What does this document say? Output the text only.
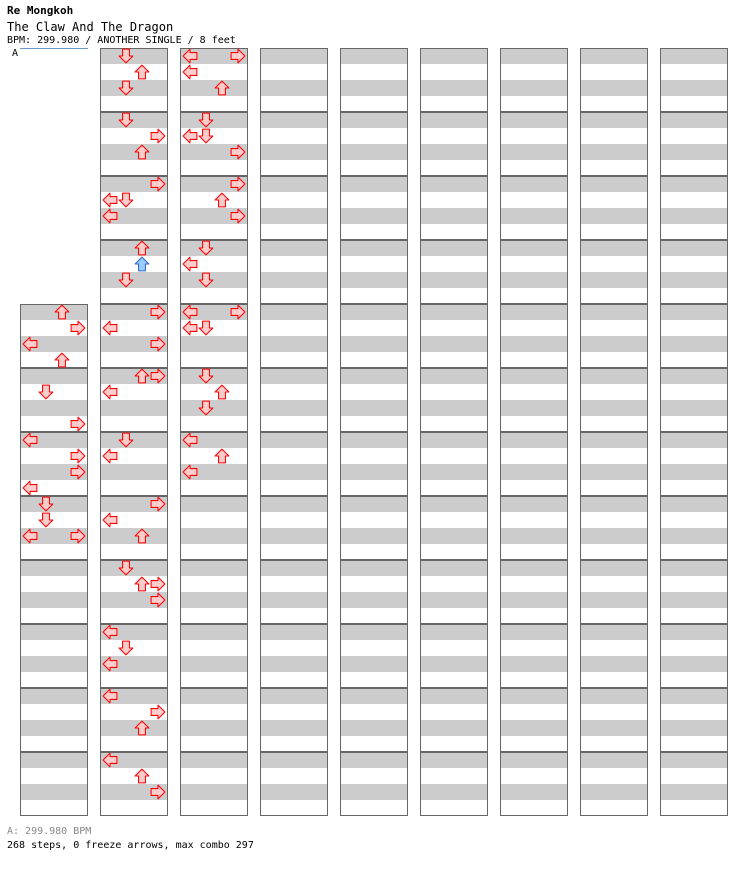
Re Mongkoh
The Claw And The Dragon
BPM: 299.980 / ANOTHER SINGLE / 8 feet
A
A: 299.980 BPM
268 steps, 0 freeze arrows, max combo 297
